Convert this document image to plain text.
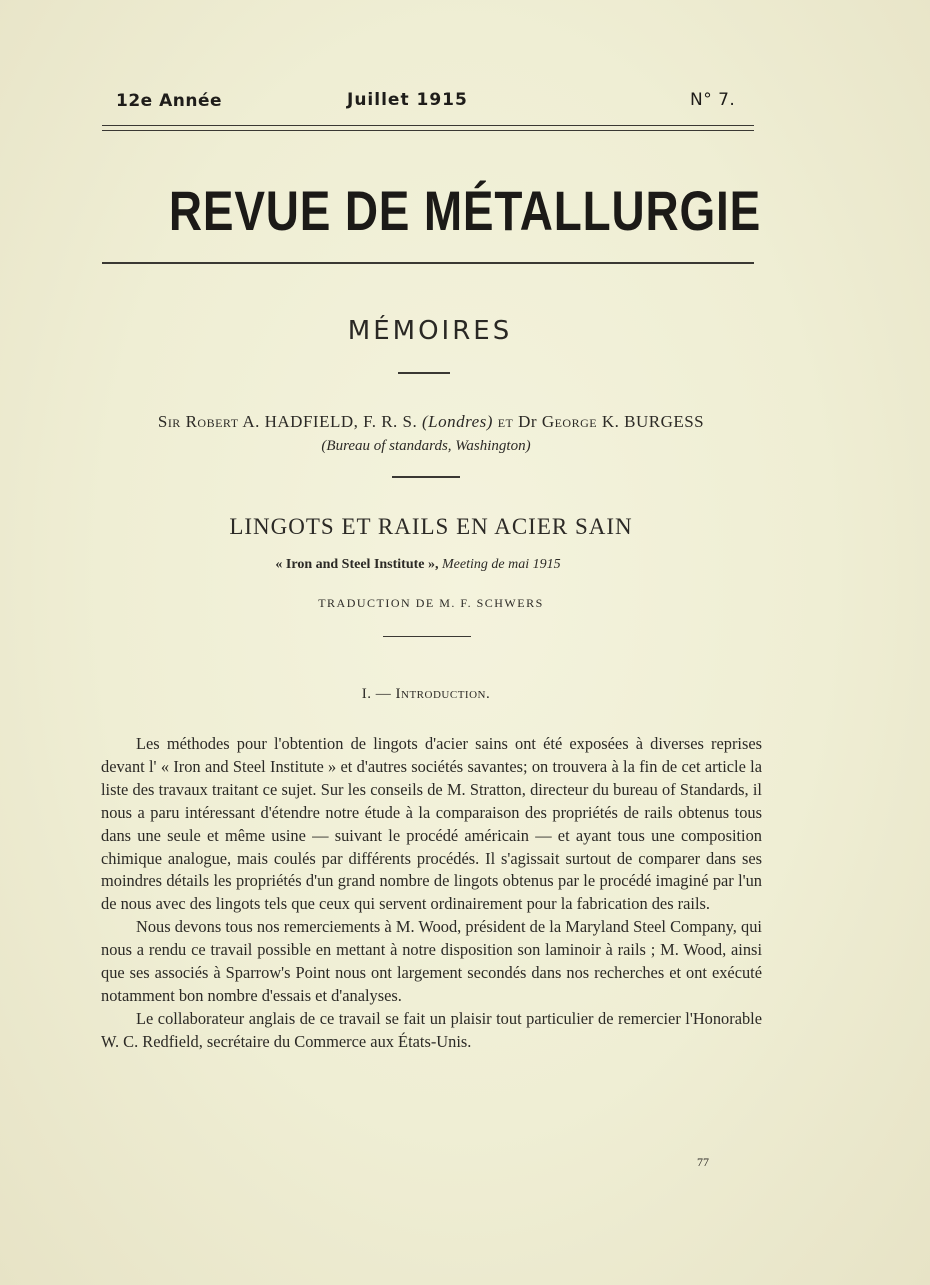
12e Année	Juillet 1915	N° 7.
REVUE DE MÉTALLURGIE
MÉMOIRES
Sir Robert A. HADFIELD, F. R. S. (Londres) et Dr George K. BURGESS
(Bureau of standards, Washington)
LINGOTS ET RAILS EN ACIER SAIN
« Iron and Steel Institute », Meeting de mai 1915
TRADUCTION DE M. F. SCHWERS
I. — Introduction.

Les méthodes pour l'obtention de lingots d'acier sains ont été exposées à diverses reprises devant l' « Iron and Steel Institute » et d'autres sociétés savantes; on trouvera à la fin de cet article la liste des travaux traitant ce sujet. Sur les conseils de M. Stratton, directeur du bureau of Standards, il nous a paru intéressant d'étendre notre étude à la comparaison des propriétés de rails obtenus tous dans une seule et même usine — suivant le procédé américain — et ayant tous une composition chimique analogue, mais coulés par différents procédés. Il s'agissait surtout de comparer dans ses moindres détails les propriétés d'un grand nombre de lingots obtenus par le procédé imaginé par l'un de nous avec des lingots tels que ceux qui servent ordinairement pour la fabrication des rails.

Nous devons tous nos remerciements à M. Wood, président de la Maryland Steel Company, qui nous a rendu ce travail possible en mettant à notre disposition son laminoir à rails ; M. Wood, ainsi que ses associés à Sparrow's Point nous ont largement secondés dans nos recherches et ont exécuté notamment bon nombre d'essais et d'analyses.

Le collaborateur anglais de ce travail se fait un plaisir tout particulier de remercier l'Honorable W. C. Redfield, secrétaire du Commerce aux États-Unis.

77
